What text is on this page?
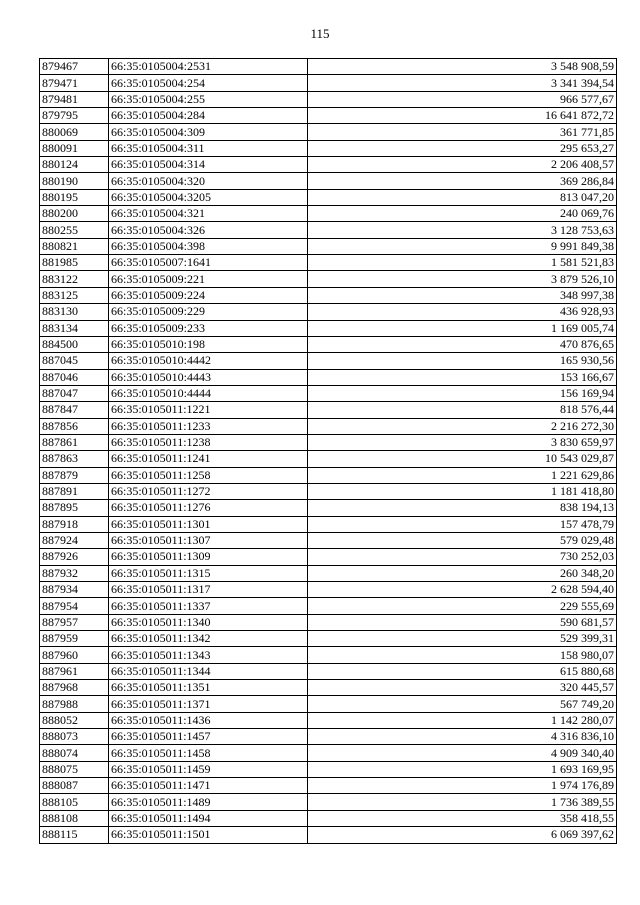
115
879467	66:35:0105004:2531	3 548 908,59
879471	66:35:0105004:254	3 341 394,54
879481	66:35:0105004:255	966 577,67
879795	66:35:0105004:284	16 641 872,72
880069	66:35:0105004:309	361 771,85
880091	66:35:0105004:311	295 653,27
880124	66:35:0105004:314	2 206 408,57
880190	66:35:0105004:320	369 286,84
880195	66:35:0105004:3205	813 047,20
880200	66:35:0105004:321	240 069,76
880255	66:35:0105004:326	3 128 753,63
880821	66:35:0105004:398	9 991 849,38
881985	66:35:0105007:1641	1 581 521,83
883122	66:35:0105009:221	3 879 526,10
883125	66:35:0105009:224	348 997,38
883130	66:35:0105009:229	436 928,93
883134	66:35:0105009:233	1 169 005,74
884500	66:35:0105010:198	470 876,65
887045	66:35:0105010:4442	165 930,56
887046	66:35:0105010:4443	153 166,67
887047	66:35:0105010:4444	156 169,94
887847	66:35:0105011:1221	818 576,44
887856	66:35:0105011:1233	2 216 272,30
887861	66:35:0105011:1238	3 830 659,97
887863	66:35:0105011:1241	10 543 029,87
887879	66:35:0105011:1258	1 221 629,86
887891	66:35:0105011:1272	1 181 418,80
887895	66:35:0105011:1276	838 194,13
887918	66:35:0105011:1301	157 478,79
887924	66:35:0105011:1307	579 029,48
887926	66:35:0105011:1309	730 252,03
887932	66:35:0105011:1315	260 348,20
887934	66:35:0105011:1317	2 628 594,40
887954	66:35:0105011:1337	229 555,69
887957	66:35:0105011:1340	590 681,57
887959	66:35:0105011:1342	529 399,31
887960	66:35:0105011:1343	158 980,07
887961	66:35:0105011:1344	615 880,68
887968	66:35:0105011:1351	320 445,57
887988	66:35:0105011:1371	567 749,20
888052	66:35:0105011:1436	1 142 280,07
888073	66:35:0105011:1457	4 316 836,10
888074	66:35:0105011:1458	4 909 340,40
888075	66:35:0105011:1459	1 693 169,95
888087	66:35:0105011:1471	1 974 176,89
888105	66:35:0105011:1489	1 736 389,55
888108	66:35:0105011:1494	358 418,55
888115	66:35:0105011:1501	6 069 397,62
